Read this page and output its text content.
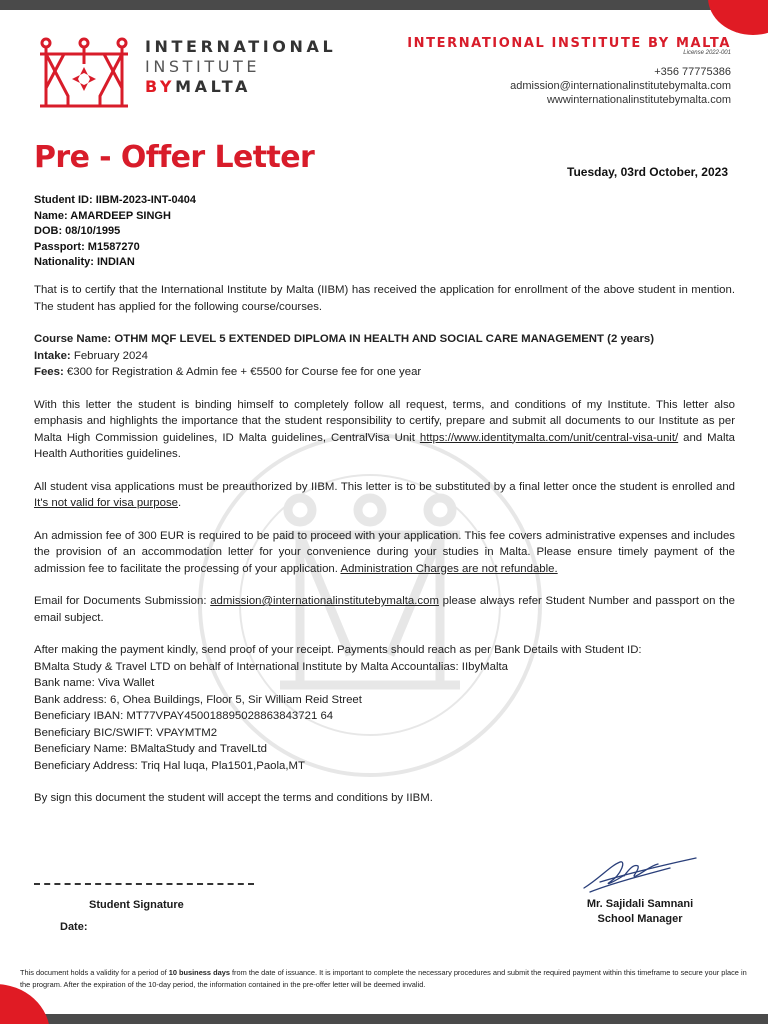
INTERNATIONAL
INSTITUTE
BYMALTA
INTERNATIONAL INSTITUTE BY MALTA
License 2022-001
+356 77775386
admission@internationalinstitutebymalta.com
wwwinternationalinstitutebymalta.com
Pre - Offer Letter	Tuesday, 03rd October, 2023
Student ID: IIBM-2023-INT-0404
Name: AMARDEEP SINGH
DOB: 08/10/1995
Passport: M1587270
Nationality: INDIAN

That is to certify that the International Institute by Malta (IIBM) has received the application for enrollment of the above student in mention. The student has applied for the following course/courses.

Course Name: OTHM MQF LEVEL 5 EXTENDED DIPLOMA IN HEALTH AND SOCIAL CARE MANAGEMENT (2 years)
Intake: February 2024
Fees: €300 for Registration & Admin fee + €5500 for Course fee for one year

With this letter the student is binding himself to completely follow all request, terms, and conditions of my Institute. This letter also emphasis and highlights the importance that the student responsibility to certify, prepare and submit all documents to our Institute as per Malta High Commission guidelines, ID Malta guidelines, CentralVisa Unit https://www.identitymalta.com/unit/central-visa-unit/ and Malta Health Authorities guidelines.

All student visa applications must be preauthorized by IIBM. This letter is to be substituted by a final letter once the student is enrolled and It's not valid for visa purpose.

An admission fee of 300 EUR is required to be paid to proceed with your application. This fee covers administrative expenses and includes the provision of an accommodation letter for your convenience during your studies in Malta. Please ensure timely payment of the admission fee to facilitate the processing of your application. Administration Charges are not refundable.

Email for Documents Submission: admission@internationalinstitutebymalta.com please always refer Student Number and passport on the email subject.

After making the payment kindly, send proof of your receipt. Payments should reach as per Bank Details with Student ID:
BMalta Study & Travel LTD on behalf of International Institute by Malta Accountalias: IIbyMalta
Bank name: Viva Wallet
Bank address: 6, Ohea Buildings, Floor 5, Sir William Reid Street
Beneficiary IBAN: MT77VPAY450018895028863843721 64
Beneficiary BIC/SWIFT: VPAYMTM2
Beneficiary Name: BMaltaStudy and TravelLtd
Beneficiary Address: Triq Hal luqa, Pla1501,Paola,MT

By sign this document the student will accept the terms and conditions by IIBM.

Student Signature
Date:
Mr. Sajidali Samnani
School Manager
This document holds a validity for a period of 10 business days from the date of issuance. It is important to complete the necessary procedures and submit the required payment within this timeframe to secure your place in the program. After the expiration of the 10-day period, the information contained in the pre-offer letter will be deemed invalid.
